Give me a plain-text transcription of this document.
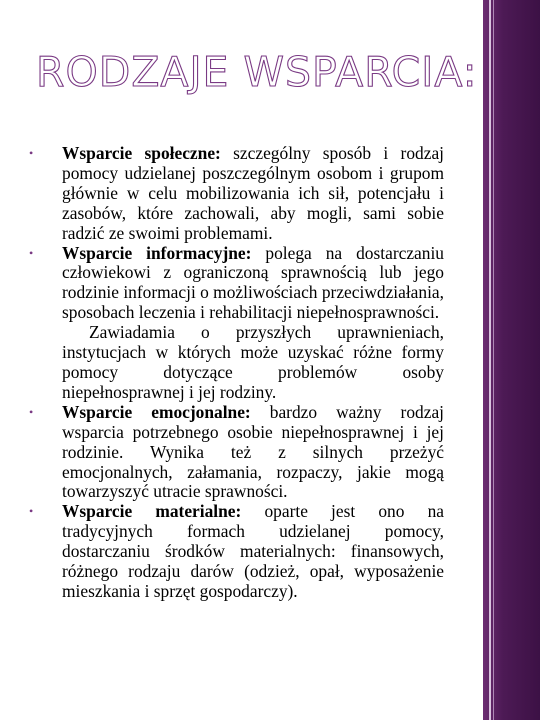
RODZAJE WSPARCIA:
•	Wsparcie społeczne: szczególny sposób i rodzaj pomocy udzielanej poszczególnym osobom i grupom głównie w celu mobilizowania ich sił, potencjału i zasobów, które zachowali, aby mogli, sami sobie radzić ze swoimi problemami.
•	Wsparcie informacyjne: polega na dostarczaniu człowiekowi z ograniczoną sprawnością lub jego rodzinie informacji o możliwościach przeciwdziałania, sposobach leczenia i rehabilitacji niepełnosprawności.
Zawiadamia o przyszłych uprawnieniach, instytucjach w których może uzyskać różne formy pomocy dotyczące problemów osoby niepełnosprawnej i jej rodziny.
•	Wsparcie emocjonalne: bardzo ważny rodzaj wsparcia potrzebnego osobie niepełnosprawnej i jej rodzinie. Wynika też z silnych przeżyć emocjonalnych, załamania, rozpaczy, jakie mogą towarzyszyć utracie sprawności.
•	Wsparcie materialne: oparte jest ono na tradycyjnych formach udzielanej pomocy, dostarczaniu środków materialnych: finansowych, różnego rodzaju darów (odzież, opał, wyposażenie mieszkania i sprzęt gospodarczy).
